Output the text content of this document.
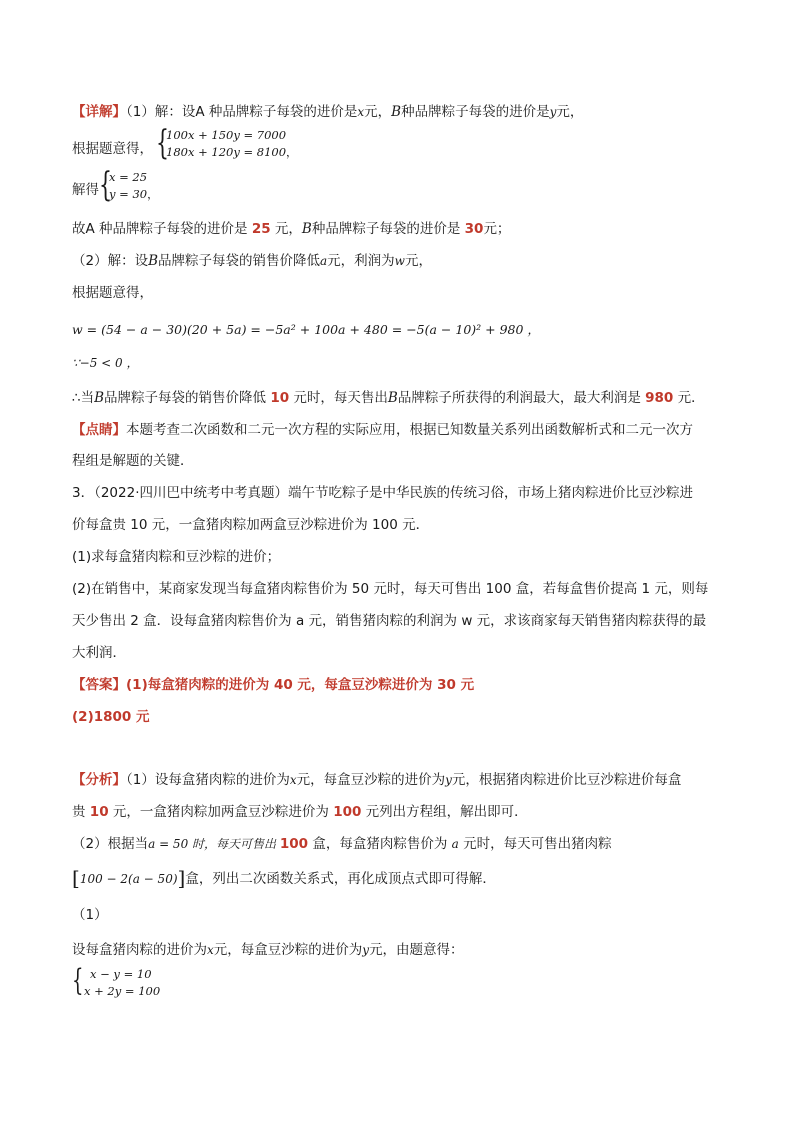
【详解】（1）解：设A 种品牌粽子每袋的进价是x元，B种品牌粽子每袋的进价是y元，
根据题意得， {
100x + 150y = 7000
180x + 120y = 8100，
解得 {
x = 25
y = 30，
故A 种品牌粽子每袋的进价是 25 元，B种品牌粽子每袋的进价是 30元；
（2）解：设B品牌粽子每袋的销售价降低a元，利润为w元，
根据题意得，
w = (54 − a − 30)(20 + 5a) = −5a² + 100a + 480 = −5(a − 10)² + 980 ，
∵−5 < 0 ，
∴当B品牌粽子每袋的销售价降低 10 元时，每天售出B品牌粽子所获得的利润最大，最大利润是 980 元．
【点睛】本题考查二次函数和二元一次方程的实际应用，根据已知数量关系列出函数解析式和二元一次方
程组是解题的关键．
3．（2022·四川巴中统考中考真题）端午节吃粽子是中华民族的传统习俗，市场上猪肉粽进价比豆沙粽进
价每盒贵 10 元，一盒猪肉粽加两盒豆沙粽进价为 100 元．
(1)求每盒猪肉粽和豆沙粽的进价；
(2)在销售中，某商家发现当每盒猪肉粽售价为 50 元时，每天可售出 100 盒，若每盒售价提高 1 元，则每
天少售出 2 盒．设每盒猪肉粽售价为 a 元，销售猪肉粽的利润为 w 元，求该商家每天销售猪肉粽获得的最
大利润．
【答案】(1)每盒猪肉粽的进价为 40 元，每盒豆沙粽进价为 30 元
(2)1800 元
【分析】（1）设每盒猪肉粽的进价为x元，每盒豆沙粽的进价为y元，根据猪肉粽进价比豆沙粽进价每盒
贵 10 元，一盒猪肉粽加两盒豆沙粽进价为 100 元列出方程组，解出即可．
（2）根据当a = 50 时，每天可售出 100 盒，每盒猪肉粽售价为 a 元时，每天可售出猪肉粽
[100 − 2(a − 50)]盒，列出二次函数关系式，再化成顶点式即可得解．
（1）
设每盒猪肉粽的进价为x元，每盒豆沙粽的进价为y元，由题意得：
{ x − y = 10
x + 2y = 100
